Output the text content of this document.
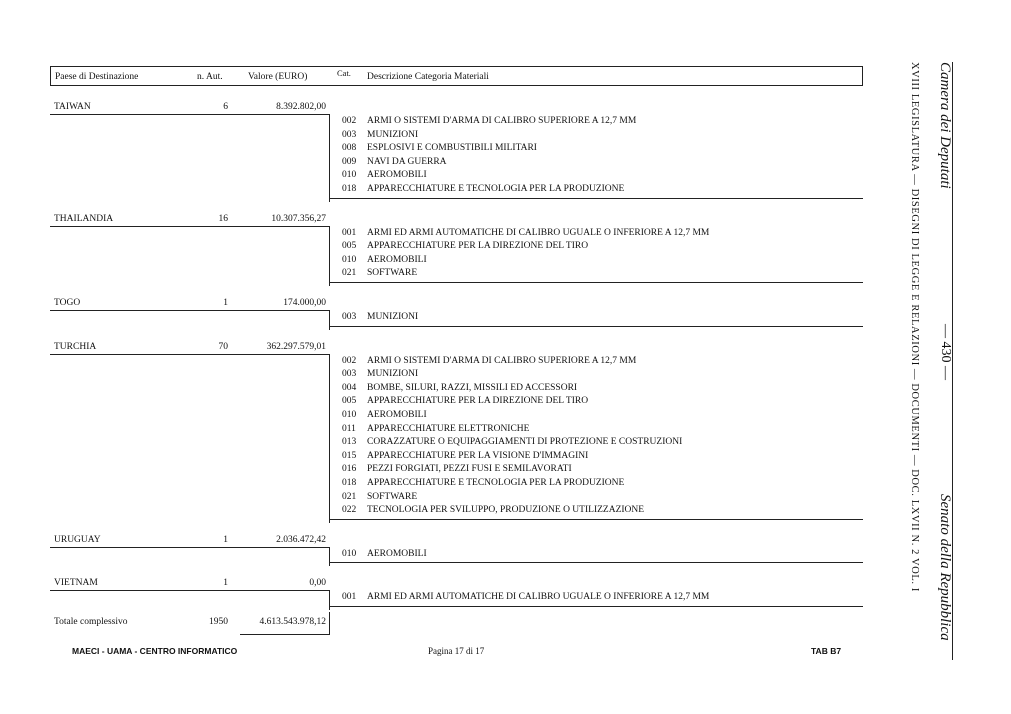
Paese di Destinazione	n. Aut.	Valore (EURO)	Cat. Descrizione Categoria Materiali
TAIWAN	6	8.392.802,00
002 ARMI O SISTEMI D'ARMA DI CALIBRO SUPERIORE A 12,7 MM
003 MUNIZIONI
008 ESPLOSIVI E COMBUSTIBILI MILITARI
009 NAVI DA GUERRA
010 AEROMOBILI
018 APPARECCHIATURE E TECNOLOGIA PER LA PRODUZIONE
THAILANDIA	16	10.307.356,27
001 ARMI ED ARMI AUTOMATICHE DI CALIBRO UGUALE O INFERIORE A 12,7 MM
005 APPARECCHIATURE PER LA DIREZIONE DEL TIRO
010 AEROMOBILI
021 SOFTWARE
TOGO	1	174.000,00
003 MUNIZIONI
TURCHIA	70	362.297.579,01
002 ARMI O SISTEMI D'ARMA DI CALIBRO SUPERIORE A 12,7 MM
003 MUNIZIONI
004 BOMBE, SILURI, RAZZI, MISSILI ED ACCESSORI
005 APPARECCHIATURE PER LA DIREZIONE DEL TIRO
010 AEROMOBILI
011 APPARECCHIATURE ELETTRONICHE
013 CORAZZATURE O EQUIPAGGIAMENTI DI PROTEZIONE E COSTRUZIONI
015 APPARECCHIATURE PER LA VISIONE D'IMMAGINI
016 PEZZI FORGIATI, PEZZI FUSI E SEMILAVORATI
018 APPARECCHIATURE E TECNOLOGIA PER LA PRODUZIONE
021 SOFTWARE
022 TECNOLOGIA PER SVILUPPO, PRODUZIONE O UTILIZZAZIONE
URUGUAY	1	2.036.472,42
010 AEROMOBILI
VIETNAM	1	0,00
001 ARMI ED ARMI AUTOMATICHE DI CALIBRO UGUALE O INFERIORE A 12,7 MM
Totale complessivo	1950	4.613.543.978,12
MAECI - UAMA - CENTRO INFORMATICO	Pagina 17 di 17	TAB B7
Camera dei Deputati
— 430 —
Senato della Repubblica
XVIII LEGISLATURA — DISEGNI DI LEGGE E RELAZIONI — DOCUMENTI — DOC. LXVII N. 2 VOL. I
